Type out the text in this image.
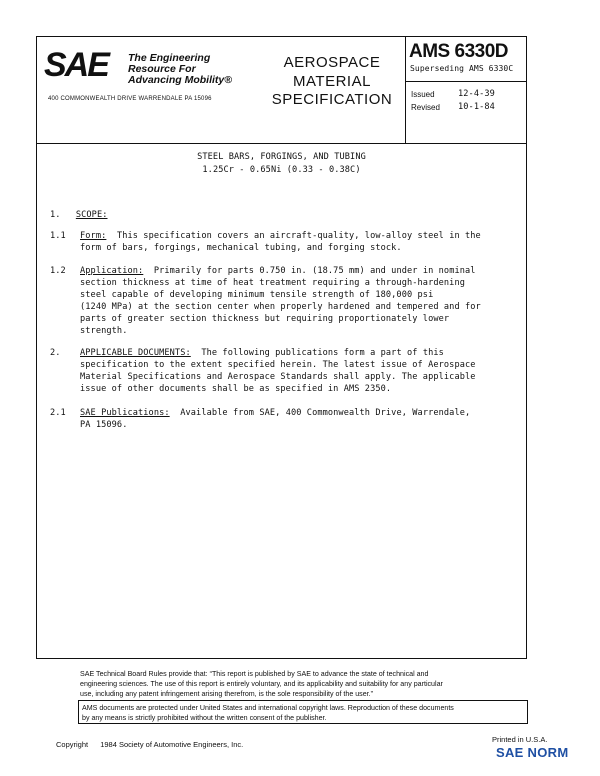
SAE The Engineering
Resource For
Advancing Mobility®
400 COMMONWEALTH DRIVE WARRENDALE PA 15096
AEROSPACE
MATERIAL
SPECIFICATION
AMS 6330D
Superseding AMS 6330C
Issued	12-4-39
Revised 10-1-84
STEEL BARS, FORGINGS, AND TUBING
1.25Cr - 0.65Ni (0.33 - 0.38C)
1. SCOPE:
1.1	Form: This specification covers an aircraft-quality, low-alloy steel in the

form of bars, forgings, mechanical tubing, and forging stock.

1.2	Application: Primarily for parts 0.750 in. (18.75 mm) and under in nominal

section thickness at time of heat treatment requiring a through-hardening

steel capable of developing minimum tensile strength of 180,000 psi

(1240 MPa) at the section center when properly hardened and tempered and for

parts of greater section thickness but requiring proportionately lower

strength.

2.	APPLICABLE DOCUMENTS: The following publications form a part of this

specification to the extent specified herein. The latest issue of Aerospace

Material Specifications and Aerospace Standards shall apply. The applicable

issue of other documents shall be as specified in AMS 2350.

2.1	SAE Publications: Available from SAE, 400 Commonwealth Drive, Warrendale,

PA 15096.

SAE Technical Board Rules provide that: “This report is published by SAE to advance the state of technical and
engineering sciences. The use of this report is entirely voluntary, and its applicability and suitability for any particular
use, including any patent infringement arising therefrom, is the sole responsibility of the user.”
AMS documents are protected under United States and international copyright laws. Reproduction of these documents
by any means is strictly prohibited without the written consent of the publisher.
Copyright 1984 Society of Automotive Engineers, Inc.
Printed in U.S.A.
SAE NORM
